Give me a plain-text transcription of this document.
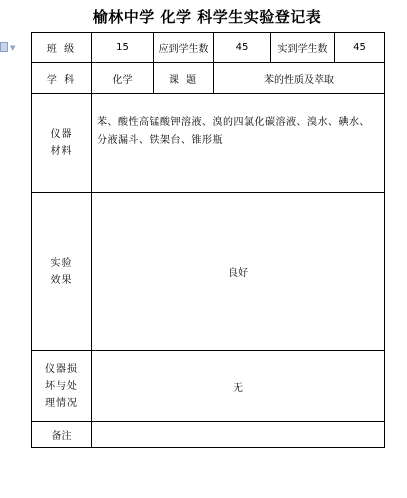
▼
榆林中学 化学 科学生实验登记表
班 级	15	应到学生数	45	实到学生数	45
学 科	化学	课 题	苯的性质及萃取		

仪器
材料	苯、酸性高锰酸钾溶液、溴的四氯化碳溶液、溴水、碘水、分液漏斗、铁架台、锥形瓶				

实验
效果	良好				

仪器损
坏与处
理情况	无				
备注					
